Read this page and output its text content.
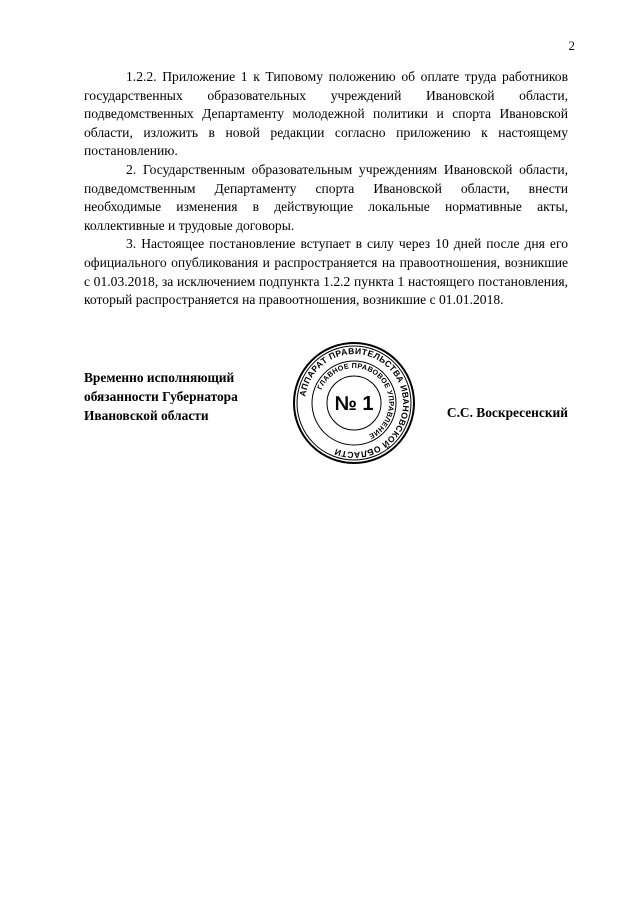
2

1.2.2. Приложение 1 к Типовому положению об оплате труда работников государственных образовательных учреждений Ивановской области, подведомственных Департаменту молодежной политики и спорта Ивановской области, изложить в новой редакции согласно приложению к настоящему постановлению.

2. Государственным образовательным учреждениям Ивановской области, подведомственным Департаменту спорта Ивановской области, внести необходимые изменения в действующие локальные нормативные акты, коллективные и трудовые договоры.

3. Настоящее постановление вступает в силу через 10 дней после дня его официального опубликования и распространяется на правоотношения, возникшие с 01.03.2018, за исключением подпункта 1.2.2 пункта 1 настоящего постановления, который распространяется на правоотношения, возникшие с 01.01.2018.

Временно исполняющий
обязанности Губернатора
Ивановской области
АППАРАТ ПРАВИТЕЛЬСТВА ИВАНОВСКОЙ ОБЛАСТИ
ГЛАВНОЕ ПРАВОВОЕ УПРАВЛЕНИЕ
№ 1	С.С. Воскресенский
